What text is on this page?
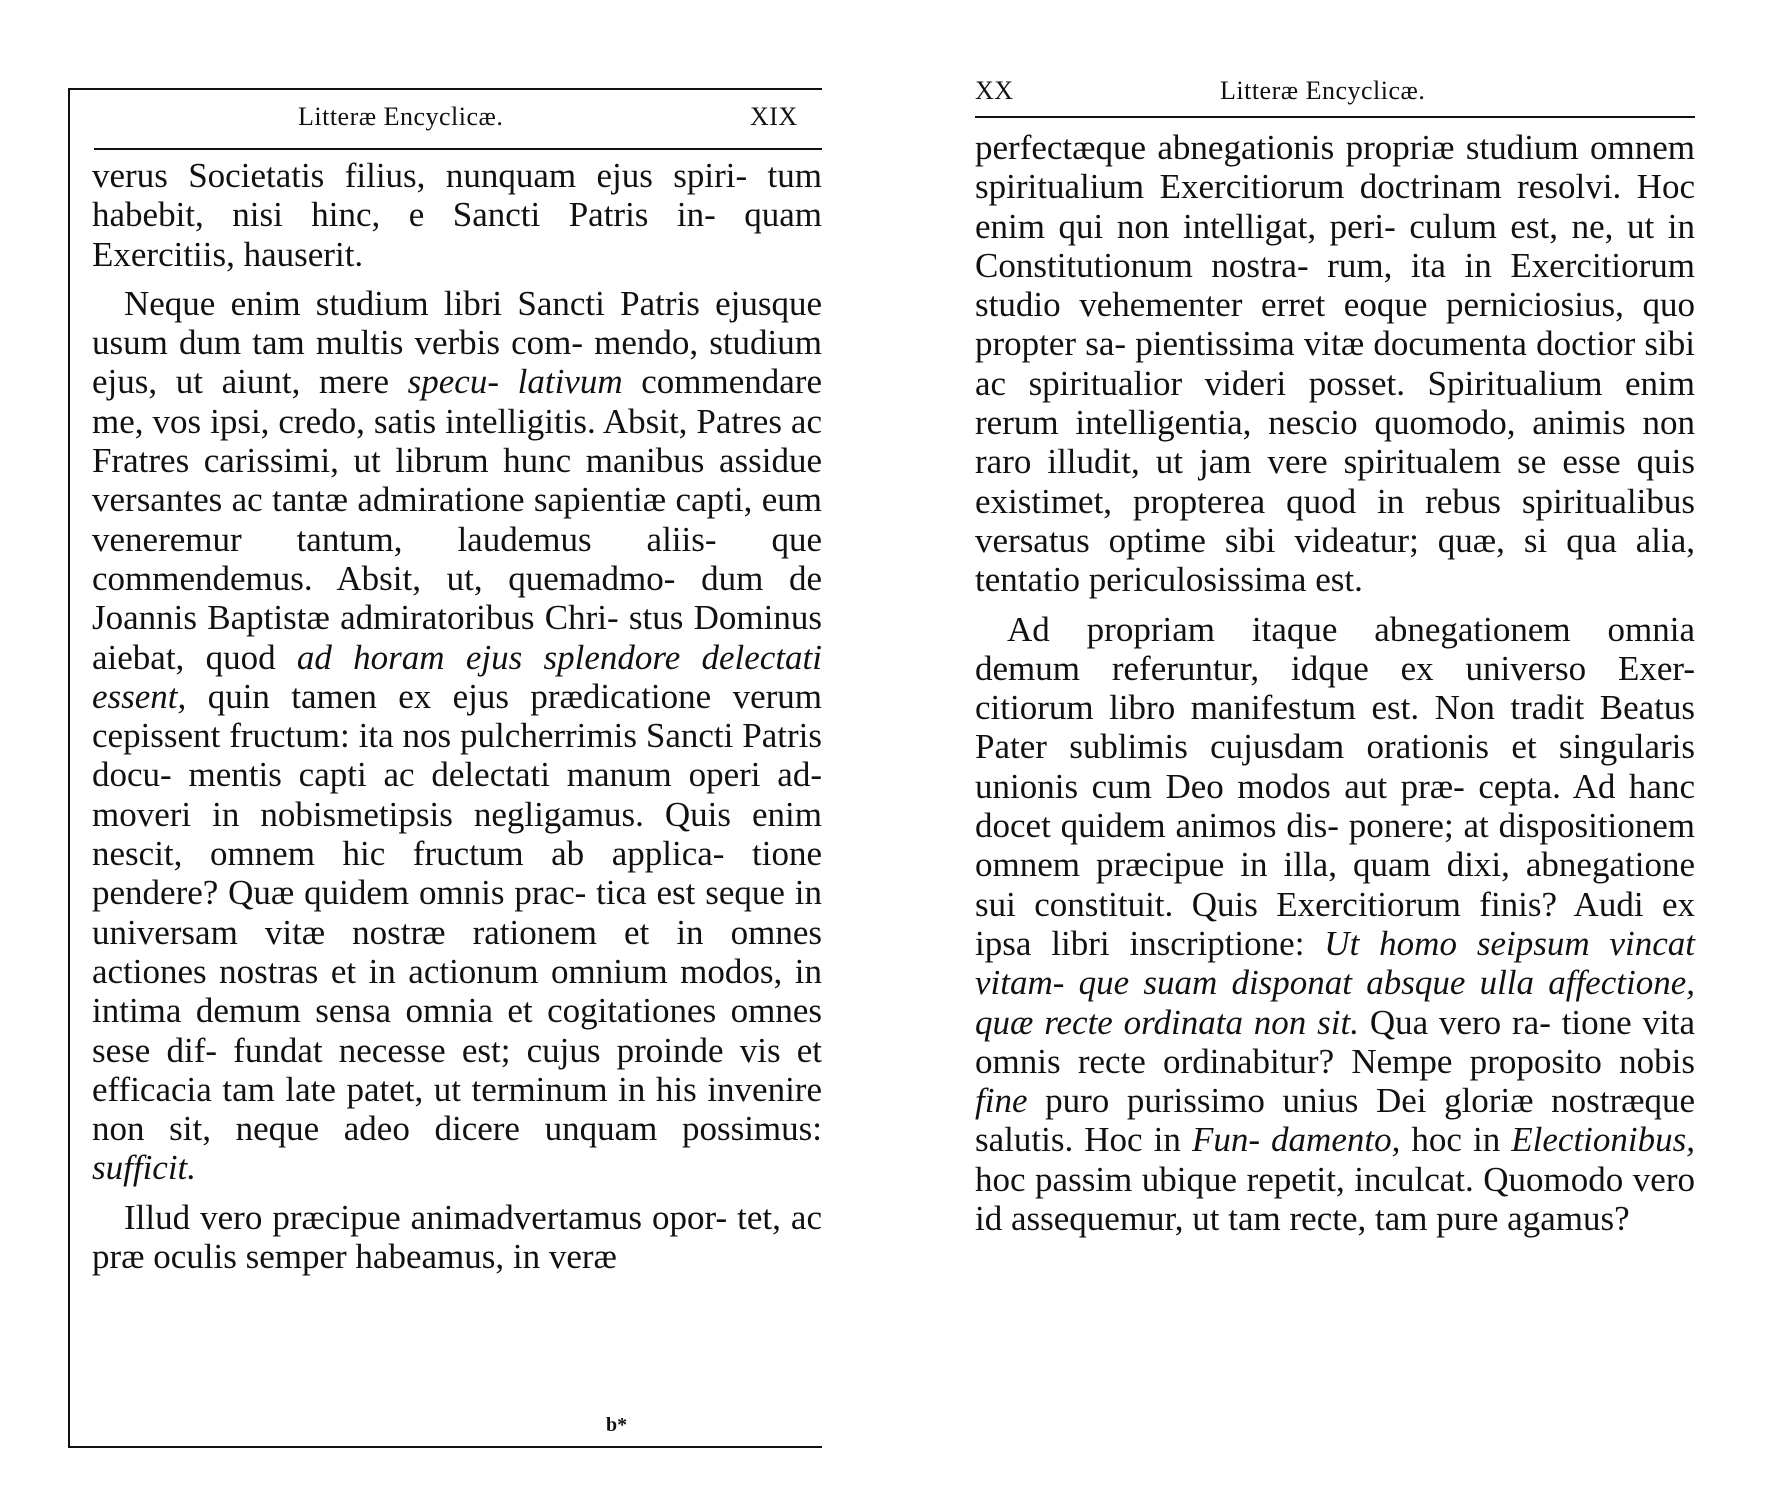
Litteræ Encyclicæ.	XIX

verus Societatis filius, nunquam ejus spiri- tum habebit, nisi hinc, e Sancti Patris in- quam Exercitiis, hauserit.

Neque enim studium libri Sancti Patris ejusque usum dum tam multis verbis com- mendo, studium ejus, ut aiunt, mere specu- lativum commendare me, vos ipsi, credo, satis intelligitis. Absit, Patres ac Fratres carissimi, ut librum hunc manibus assidue versantes ac tantæ admiratione sapientiæ capti, eum veneremur tantum, laudemus aliis- que commendemus. Absit, ut, quemadmo- dum de Joannis Baptistæ admiratoribus Chri- stus Dominus aiebat, quod ad horam ejus splendore delectati essent, quin tamen ex ejus prædicatione verum cepissent fructum: ita nos pulcherrimis Sancti Patris docu- mentis capti ac delectati manum operi ad- moveri in nobismetipsis negligamus. Quis enim nescit, omnem hic fructum ab applica- tione pendere? Quæ quidem omnis prac- tica est seque in universam vitæ nostræ rationem et in omnes actiones nostras et in actionum omnium modos, in intima demum sensa omnia et cogitationes omnes sese dif- fundat necesse est; cujus proinde vis et efficacia tam late patet, ut terminum in his invenire non sit, neque adeo dicere unquam possimus: sufficit.

Illud vero præcipue animadvertamus opor- tet, ac præ oculis semper habeamus, in veræ

b*
XX	Litteræ Encyclicæ.

perfectæque abnegationis propriæ studium omnem spiritualium Exercitiorum doctrinam resolvi. Hoc enim qui non intelligat, peri- culum est, ne, ut in Constitutionum nostra- rum, ita in Exercitiorum studio vehementer erret eoque perniciosius, quo propter sa- pientissima vitæ documenta doctior sibi ac spiritualior videri posset. Spiritualium enim rerum intelligentia, nescio quomodo, animis non raro illudit, ut jam vere spiritualem se esse quis existimet, propterea quod in rebus spiritualibus versatus optime sibi videatur; quæ, si qua alia, tentatio periculosissima est.

Ad propriam itaque abnegationem omnia demum referuntur, idque ex universo Exer- citiorum libro manifestum est. Non tradit Beatus Pater sublimis cujusdam orationis et singularis unionis cum Deo modos aut præ- cepta. Ad hanc docet quidem animos dis- ponere; at dispositionem omnem præcipue in illa, quam dixi, abnegatione sui constituit. Quis Exercitiorum finis? Audi ex ipsa libri inscriptione: Ut homo seipsum vincat vitam- que suam disponat absque ulla affectione, quæ recte ordinata non sit. Qua vero ra- tione vita omnis recte ordinabitur? Nempe proposito nobis fine puro purissimo unius Dei gloriæ nostræque salutis. Hoc in Fun- damento, hoc in Electionibus, hoc passim ubique repetit, inculcat. Quomodo vero id assequemur, ut tam recte, tam pure agamus?
